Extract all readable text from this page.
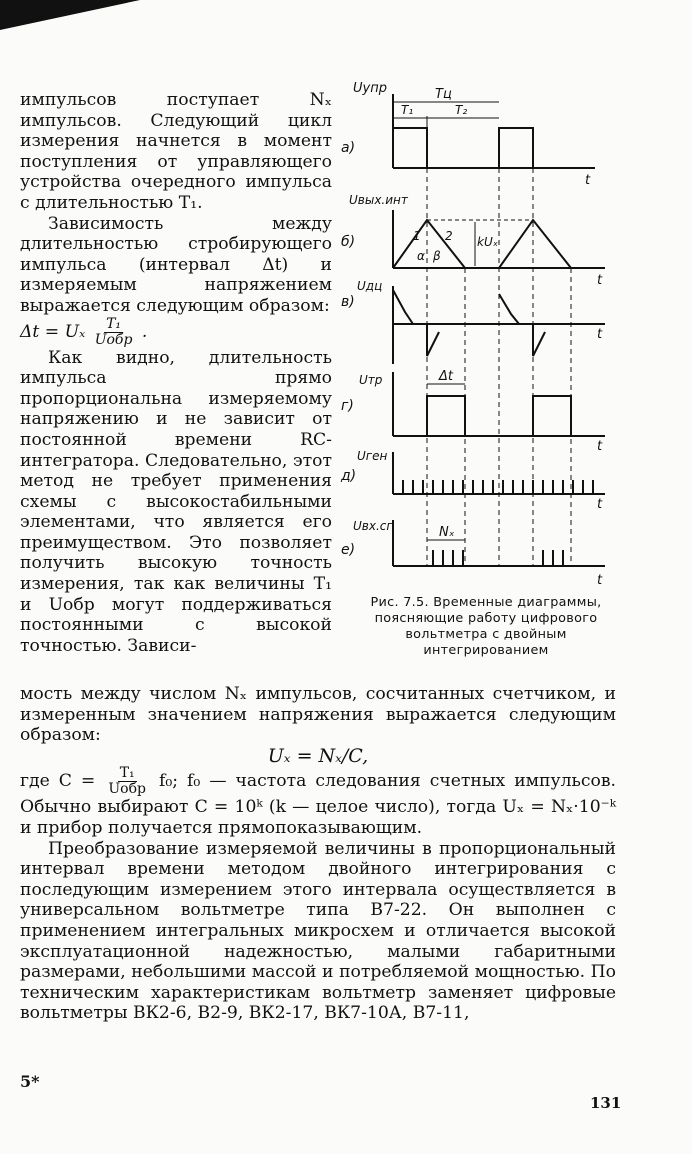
импульсов поступает Nₓ импульсов. Следующий цикл измерения начнется в момент поступления от управляющего устройства очередного импульса с длительностью T₁.

Зависимость между длительностью стробирующего импульса (интервал Δt) и измеряемым напряжением выражается следующим образом:

Δt = Uₓ $\frac{\text{T₁}}{\text{Uобр}}$ .

Как видно, длительность импульса прямо пропорциональна измеряемому напряжению и не зависит от постоянной времени RC-интегратора. Следовательно, этот метод не требует применения схемы с высокостабильными элементами, что является его преимуществом. Это позволяет получить высокую точность измерения, так как величины T₁ и Uобр могут поддерживаться постоянными с высокой точностью. Зависи-

Uупр	Tц
T₁	T₂
а)
t
Uвых.инт
1 2
α β
kUₓ
б)
t
Uдц
в)
t
Uтр	Δt
г)
t
Uген
д)
t
Uвх.сг	Nₓ
е)
t
Рис. 7.5. Временные диаграммы, поясняющие работу цифрового вольтметра с двойным интегрированием

мость между числом Nₓ импульсов, сосчитанных счетчиком, и измеренным значением напряжения выражается следующим образом:

Uₓ = Nₓ/C,

где $C = \frac{\text{T₁}}{\text{Uобр}} f_0$; f₀ — частота следования счетных импульсов. Обычно выбирают C = 10ᵏ (k — целое число), тогда Uₓ = Nₓ·10⁻ᵏ и прибор получается прямопоказывающим.

Преобразование измеряемой величины в пропорциональный интервал времени методом двойного интегрирования с последующим измерением этого интервала осуществляется в универсальном вольтметре типа В7-22. Он выполнен с применением интегральных микросхем и отличается высокой эксплуатационной надежностью, малыми габаритными размерами, небольшими массой и потребляемой мощностью. По техническим характеристикам вольтметр заменяет цифровые вольтметры ВК2-6, В2-9, ВК2-17, ВК7-10А, В7-11,

5*
131
